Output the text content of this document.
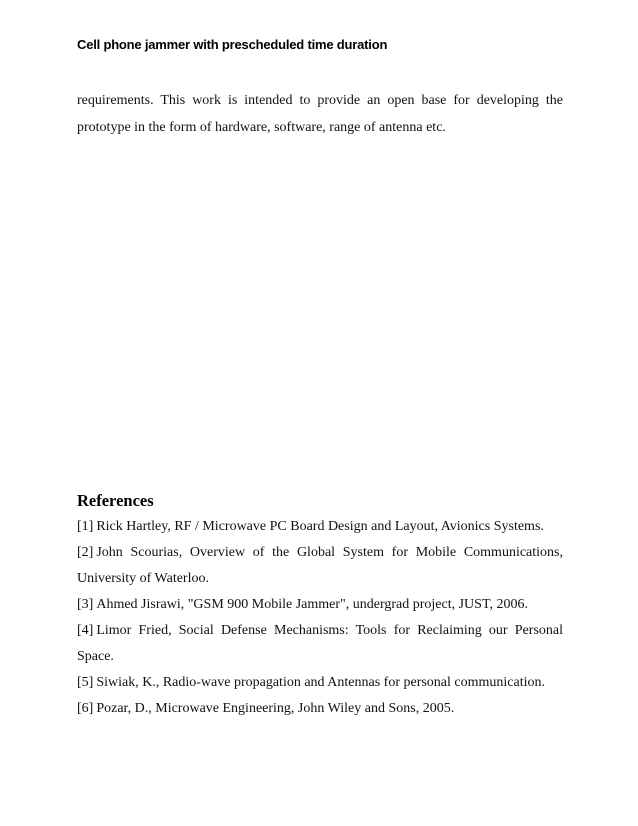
Cell phone jammer with prescheduled time duration

requirements. This work is intended to provide an open base for developing the prototype in the form of hardware, software, range of antenna etc.

References
[1] Rick Hartley, RF / Microwave PC Board Design and Layout, Avionics Systems.
[2] John Scourias, Overview of the Global System for Mobile Communications, University of Waterloo.
[3] Ahmed Jisrawi, "GSM 900 Mobile Jammer", undergrad project, JUST, 2006.
[4] Limor Fried, Social Defense Mechanisms: Tools for Reclaiming our Personal Space.
[5] Siwiak, K., Radio-wave propagation and Antennas for personal communication.
[6] Pozar, D., Microwave Engineering, John Wiley and Sons, 2005.
